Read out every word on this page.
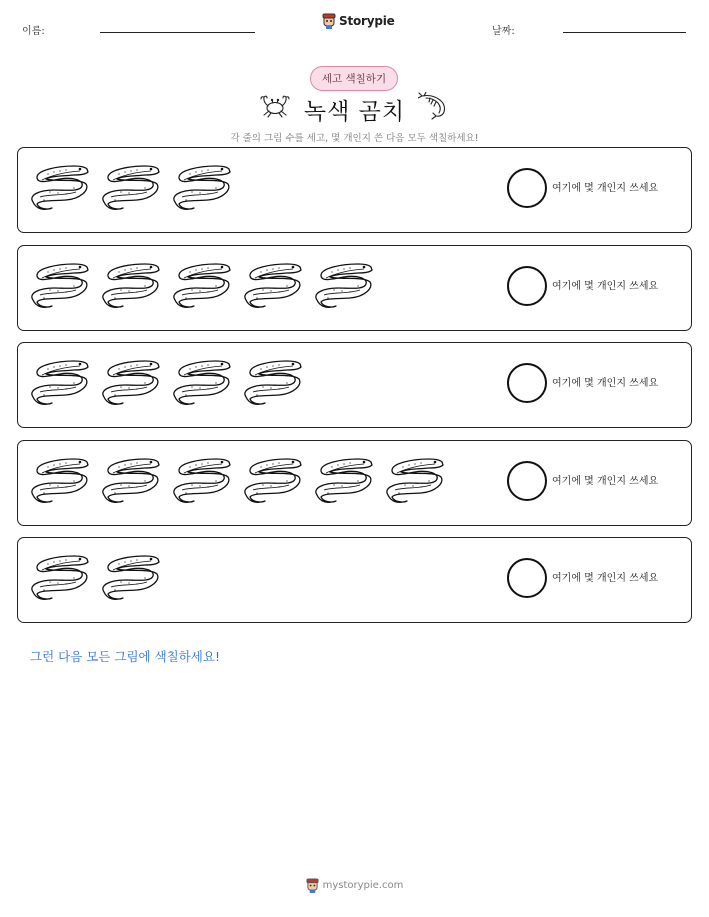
이름:
Storypie
날짜:
세고 색칠하기
녹색 곰치
각 줄의 그림 수를 세고, 몇 개인지 쓴 다음 모두 색칠하세요!
여기에 몇 개인지 쓰세요
여기에 몇 개인지 쓰세요
여기에 몇 개인지 쓰세요
여기에 몇 개인지 쓰세요
여기에 몇 개인지 쓰세요
그런 다음 모든 그림에 색칠하세요!
mystorypie.com
